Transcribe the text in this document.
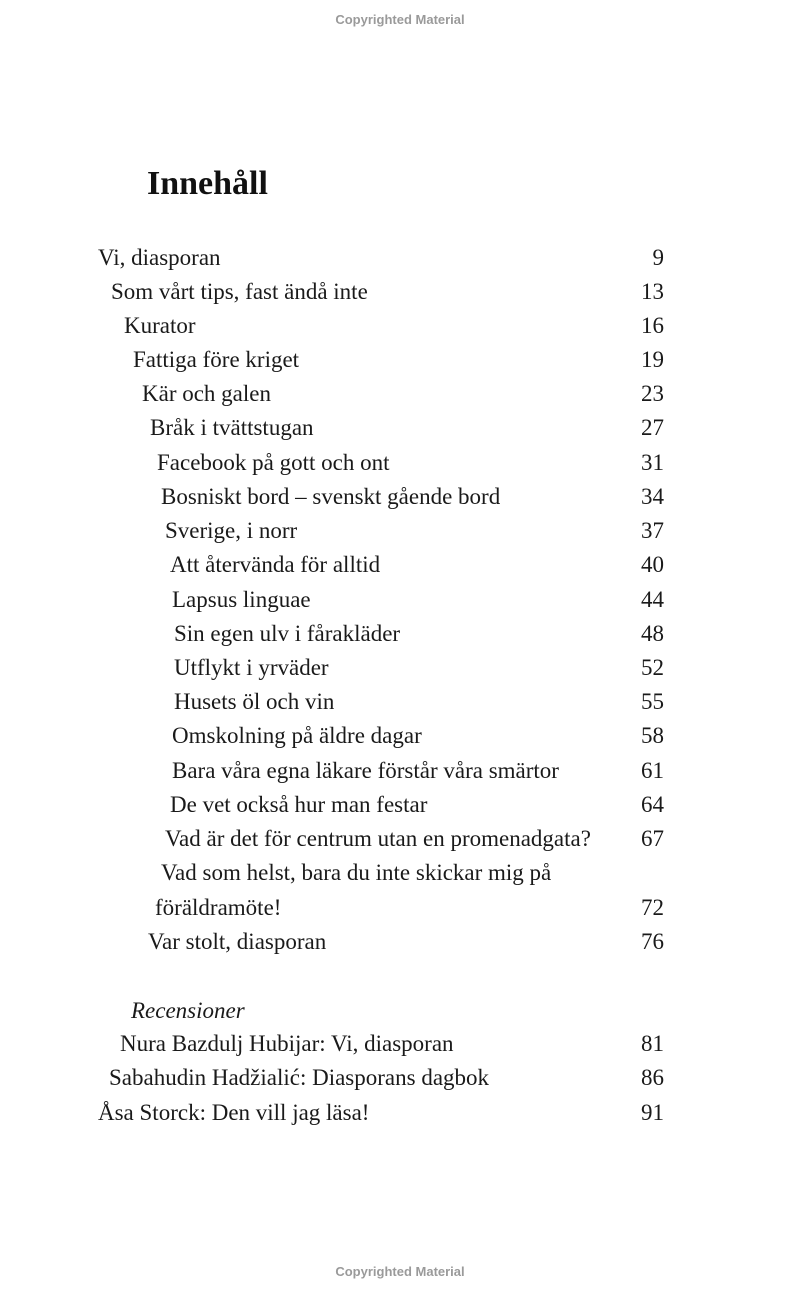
Copyrighted Material
Innehåll
Vi, diasporan	9
Som vårt tips, fast ändå inte	13
Kurator	16
Fattiga före kriget	19
Kär och galen	23
Bråk i tvättstugan	27
Facebook på gott och ont	31
Bosniskt bord – svenskt gående bord	34
Sverige, i norr	37
Att återvända för alltid	40
Lapsus linguae	44
Sin egen ulv i fårakläder	48
Utflykt i yrväder	52
Husets öl och vin	55
Omskolning på äldre dagar	58
Bara våra egna läkare förstår våra smärtor	61
De vet också hur man festar	64
Vad är det för centrum utan en promenadgata? 67
Vad som helst, bara du inte skickar mig på
föräldramöte!	72
Var stolt, diasporan	76
Recensioner
Nura Bazdulj Hubijar: Vi, diasporan	81
Sabahudin Hadžialić: Diasporans dagbok	86
Åsa Storck: Den vill jag läsa!	91
Copyrighted Material
